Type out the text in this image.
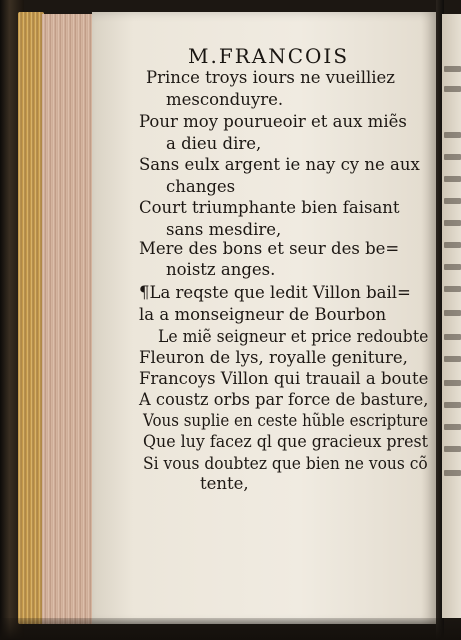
M.FRANCOIS
Prince troys iours ne vueilliez
mesconduyre.
Pour moy pourueoir et aux miẽs
a dieu dire,
Sans eulx argent ie nay cy ne aux
changes
Court triumphante bien faisant
sans mesdire,
Mere des bons et seur des be=
noistz anges.
¶La reqste que ledit Villon bail=
la a monseigneur de Bourbon
Le miẽ seigneur et price redoubte
Fleuron de lys, royalle geniture,
Francoys Villon qui trauail a boute
A coustz orbs par force de basture,
Vous suplie en ceste hũble escripture
Que luy facez ql que gracieux prest
Si vous doubtez que bien ne vous cõ
tente,
